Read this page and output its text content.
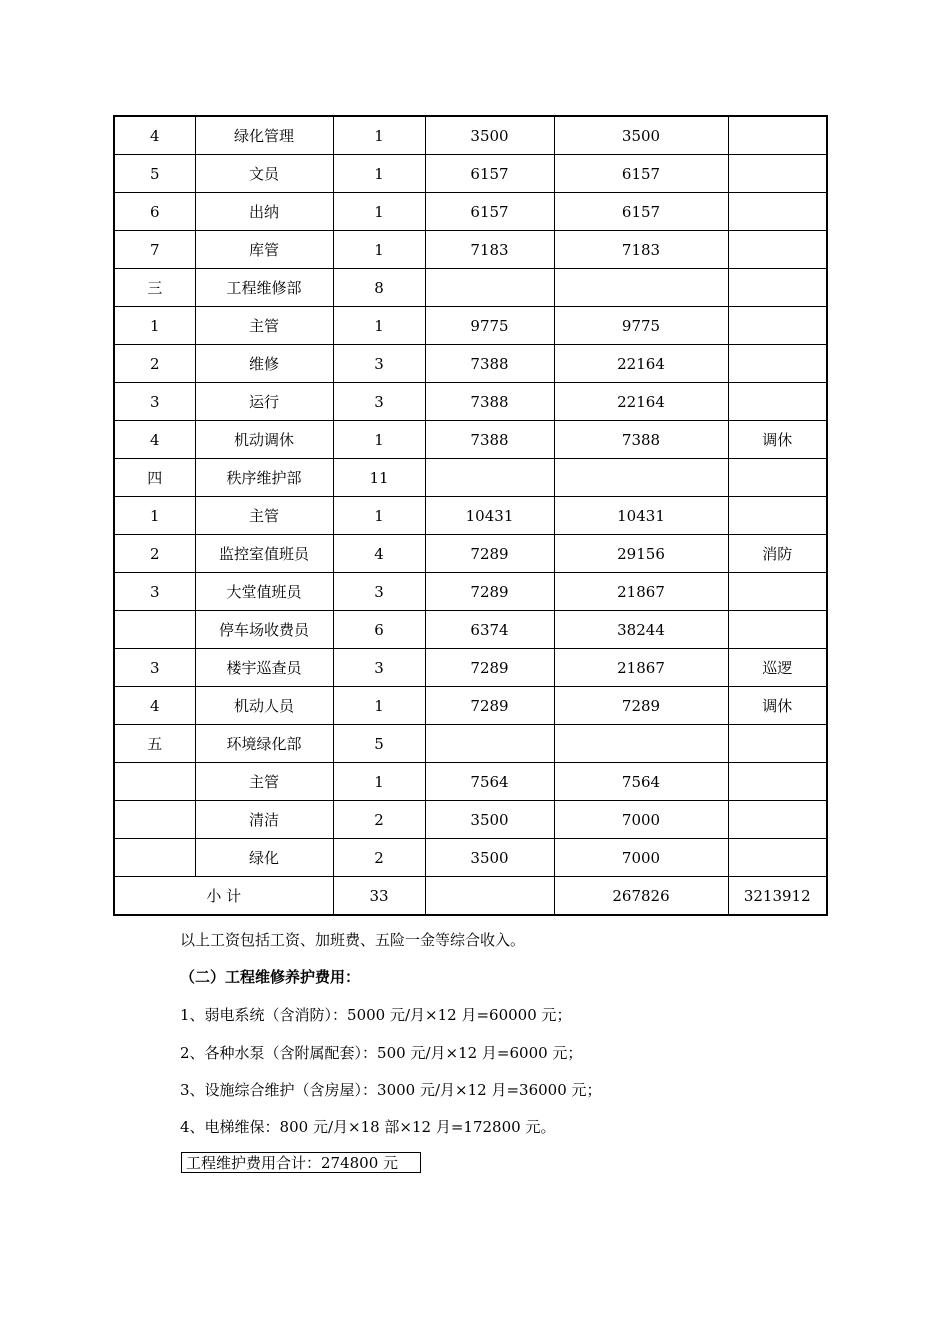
4	绿化管理	1	3500	3500	
5	文员	1	6157	6157	
6	出纳	1	6157	6157	
7	库管	1	7183	7183	
三	工程维修部	8			
1	主管	1	9775	9775	
2	维修	3	7388	22164	
3	运行	3	7388	22164	
4	机动调休	1	7388	7388	调休
四	秩序维护部	11			
1	主管	1	10431	10431	
2	监控室值班员	4	7289	29156	消防
3	大堂值班员	3	7289	21867	
	停车场收费员	6	6374	38244	
3	楼宇巡查员	3	7289	21867	巡逻
4	机动人员	1	7289	7289	调休
五	环境绿化部	5			
	主管	1	7564	7564	
	清洁	2	3500	7000	
	绿化	2	3500	7000	
小 计		33		267826	3213912
以上工资包括工资、加班费、五险一金等综合收入。
（二）工程维修养护费用：
1、弱电系统（含消防）：5000 元/月×12 月=60000 元；
2、各种水泵（含附属配套）：500 元/月×12 月=6000 元；
3、设施综合维护（含房屋）：3000 元/月×12 月=36000 元；
4、电梯维保：800 元/月×18 部×12 月=172800 元。
工程维护费用合计：274800 元
